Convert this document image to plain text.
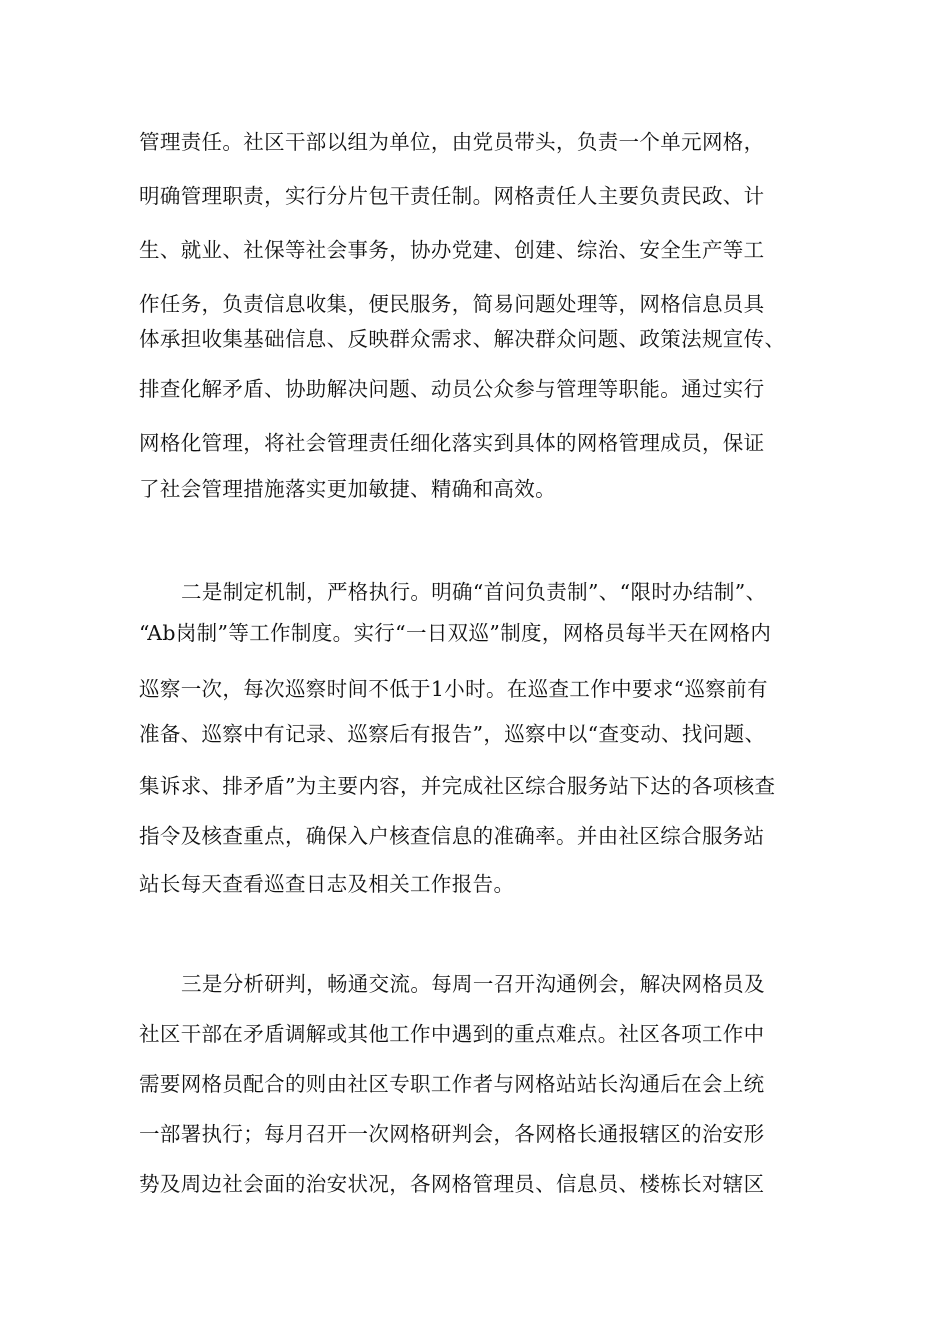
管理责任。社区干部以组为单位，由党员带头，负责一个单元网格，
明确管理职责，实行分片包干责任制。网格责任人主要负责民政、计
生、就业、社保等社会事务，协办党建、创建、综治、安全生产等工
作任务，负责信息收集，便民服务，简易问题处理等，网格信息员具
体承担收集基础信息、反映群众需求、解决群众问题、政策法规宣传、
排查化解矛盾、协助解决问题、动员公众参与管理等职能。通过实行
网格化管理，将社会管理责任细化落实到具体的网格管理成员，保证
了社会管理措施落实更加敏捷、精确和高效。
二是制定机制，严格执行。明确“首问负责制”、“限时办结制”、
“Ab岗制”等工作制度。实行“一日双巡”制度，网格员每半天在网格内
巡察一次，每次巡察时间不低于1小时。在巡查工作中要求“巡察前有
准备、巡察中有记录、巡察后有报告”，巡察中以“查变动、找问题、
集诉求、排矛盾”为主要内容，并完成社区综合服务站下达的各项核查
指令及核查重点，确保入户核查信息的准确率。并由社区综合服务站
站长每天查看巡查日志及相关工作报告。
三是分析研判，畅通交流。每周一召开沟通例会，解决网格员及
社区干部在矛盾调解或其他工作中遇到的重点难点。社区各项工作中
需要网格员配合的则由社区专职工作者与网格站站长沟通后在会上统
一部署执行；每月召开一次网格研判会，各网格长通报辖区的治安形
势及周边社会面的治安状况，各网格管理员、信息员、楼栋长对辖区
